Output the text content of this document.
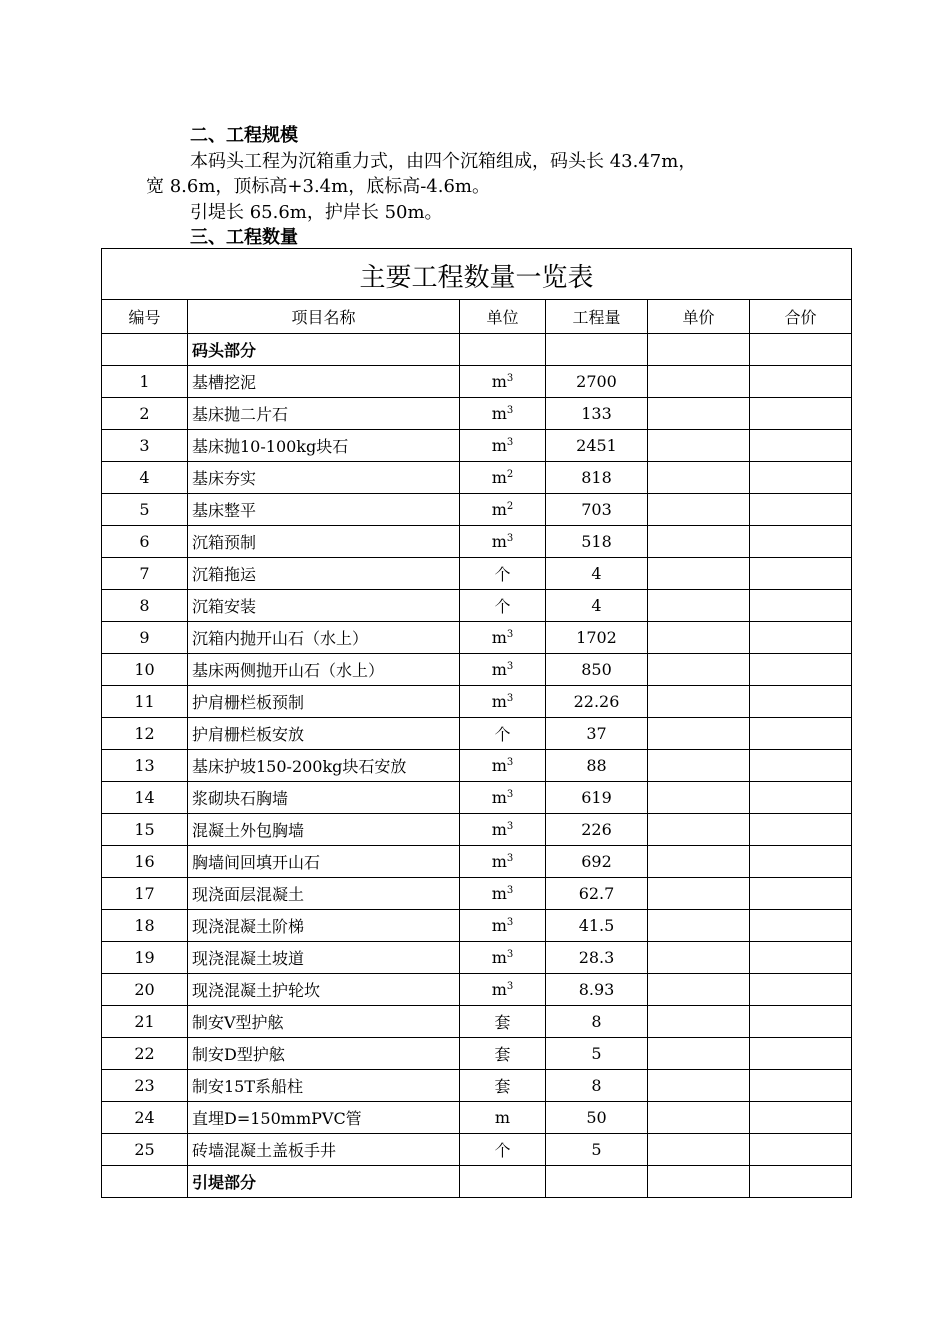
二、工程规模
本码头工程为沉箱重力式，由四个沉箱组成，码头长 43.47m，
宽 8.6m，顶标高+3.4m，底标高-4.6m。
引堤长 65.6m，护岸长 50m。
三、工程数量
主要工程数量一览表					
编号	项目名称	单位	工程量	单价	合价
	码头部分				
1	基槽挖泥	$m^3$	2700		
2	基床抛二片石	$m^3$	133		
3	基床抛10-100kg块石	$m^3$	2451		
4	基床夯实	$m^2$	818		
5	基床整平	$m^2$	703		
6	沉箱预制	$m^3$	518		
7	沉箱拖运	个	4		
8	沉箱安装	个	4		
9	沉箱内抛开山石（水上）	$m^3$	1702		
10	基床两侧抛开山石（水上）	$m^3$	850		
11	护肩栅栏板预制	$m^3$	22.26		
12	护肩栅栏板安放	个	37		
13	基床护坡150-200kg块石安放	$m^3$	88		
14	浆砌块石胸墙	$m^3$	619		
15	混凝土外包胸墙	$m^3$	226		
16	胸墙间回填开山石	$m^3$	692		
17	现浇面层混凝土	$m^3$	62.7		
18	现浇混凝土阶梯	$m^3$	41.5		
19	现浇混凝土坡道	$m^3$	28.3		
20	现浇混凝土护轮坎	$m^3$	8.93		
21	制安V型护舷	套	8		
22	制安D型护舷	套	5		
23	制安15T系船柱	套	8		
24	直埋D=150mmPVC管	m	50		
25	砖墙混凝土盖板手井	个	5		
	引堤部分				
